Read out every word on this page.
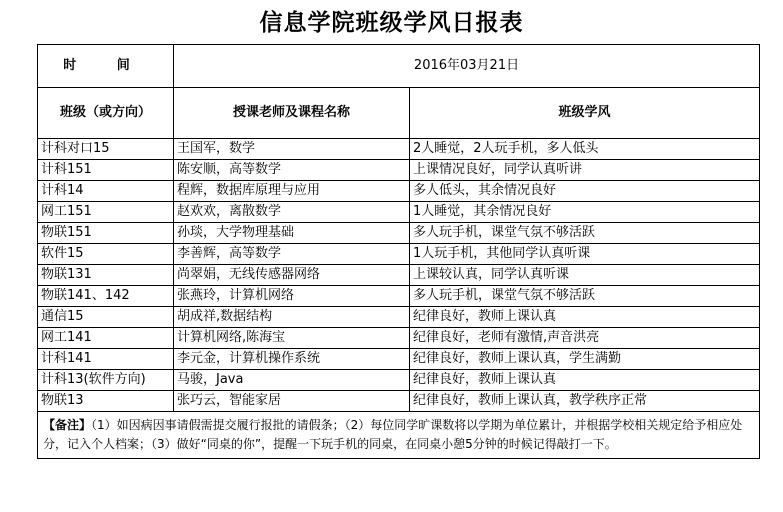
信息学院班级学风日报表
时 间	2016年03月21日	
班级（或方向）	授课老师及课程名称	班级学风
计科对口15	王国军，数学	2人睡觉，2人玩手机，多人低头
计科151	陈安顺，高等数学	上课情况良好，同学认真听讲
计科14	程辉，数据库原理与应用	多人低头，其余情况良好
网工151	赵欢欢，离散数学	1人睡觉，其余情况良好
物联151	孙琰，大学物理基础	多人玩手机，课堂气氛不够活跃
软件15	李善辉，高等数学	1人玩手机，其他同学认真听课
物联131	尚翠娟，无线传感器网络	上课较认真，同学认真听课
物联141、142	张燕玲，计算机网络	多人玩手机，课堂气氛不够活跃
通信15	胡成祥,数据结构	纪律良好，教师上课认真
网工141	计算机网络,陈海宝	纪律良好，老师有激情,声音洪亮
计科141	李元金，计算机操作系统	纪律良好，教师上课认真，学生满勤
计科13(软件方向)	马骏，Java	纪律良好，教师上课认真
物联13	张巧云，智能家居	纪律良好，教师上课认真，教学秩序正常
【备注】（1）如因病因事请假需提交履行报批的请假条；（2）每位同学旷课数将以学期为单位累计，并根据学校相关规定给予相应处分，记入个人档案；（3）做好“同桌的你”，提醒一下玩手机的同桌，在同桌小憩5分钟的时候记得敲打一下。		
